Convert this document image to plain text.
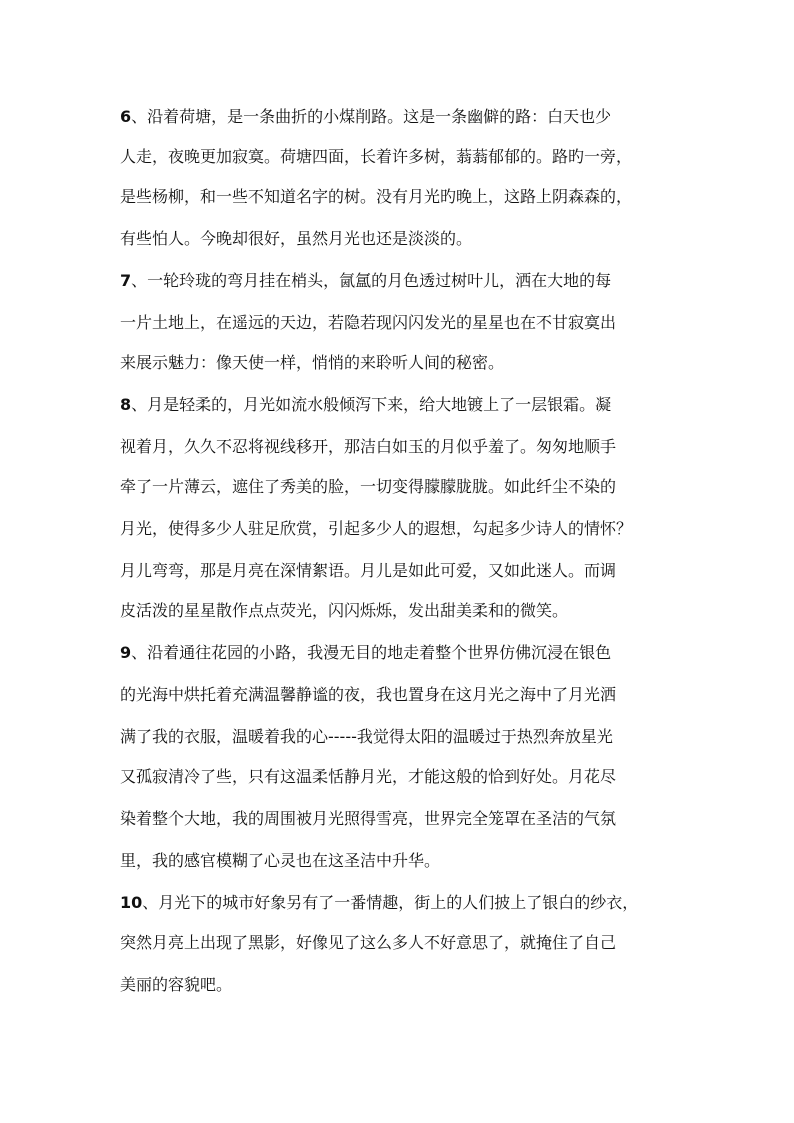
6、沿着荷塘，是一条曲折的小煤削路。这是一条幽僻的路：白天也少
人走，夜晚更加寂寞。荷塘四面，长着许多树，蓊蓊郁郁的。路旳一旁，
是些杨柳，和一些不知道名字的树。没有月光旳晚上，这路上阴森森的，
有些怕人。今晚却很好，虽然月光也还是淡淡的。
7、一轮玲珑的弯月挂在梢头，氤氲的月色透过树叶儿，洒在大地的每
一片土地上，在遥远的天边，若隐若现闪闪发光的星星也在不甘寂寞出
来展示魅力：像天使一样，悄悄的来聆听人间的秘密。
8、月是轻柔的，月光如流水般倾泻下来，给大地镀上了一层银霜。凝
视着月，久久不忍将视线移开，那洁白如玉的月似乎羞了。匆匆地顺手
牵了一片薄云，遮住了秀美的脸，一切变得朦朦胧胧。如此纤尘不染的
月光，使得多少人驻足欣赏，引起多少人的遐想，勾起多少诗人的情怀？
月儿弯弯，那是月亮在深情絮语。月儿是如此可爱，又如此迷人。而调
皮活泼的星星散作点点荧光，闪闪烁烁，发出甜美柔和的微笑。
9、沿着通往花园的小路，我漫无目的地走着整个世界仿佛沉浸在银色
的光海中烘托着充满温馨静谧的夜，我也置身在这月光之海中了月光洒
满了我的衣服，温暖着我的心-----我觉得太阳的温暖过于热烈奔放星光
又孤寂清冷了些，只有这温柔恬静月光，才能这般的恰到好处。月花尽
染着整个大地，我的周围被月光照得雪亮，世界完全笼罩在圣洁的气氛
里，我的感官模糊了心灵也在这圣洁中升华。
10、月光下的城市好象另有了一番情趣，街上的人们披上了银白的纱衣，
突然月亮上出现了黑影，好像见了这么多人不好意思了，就掩住了自己
美丽的容貌吧。
